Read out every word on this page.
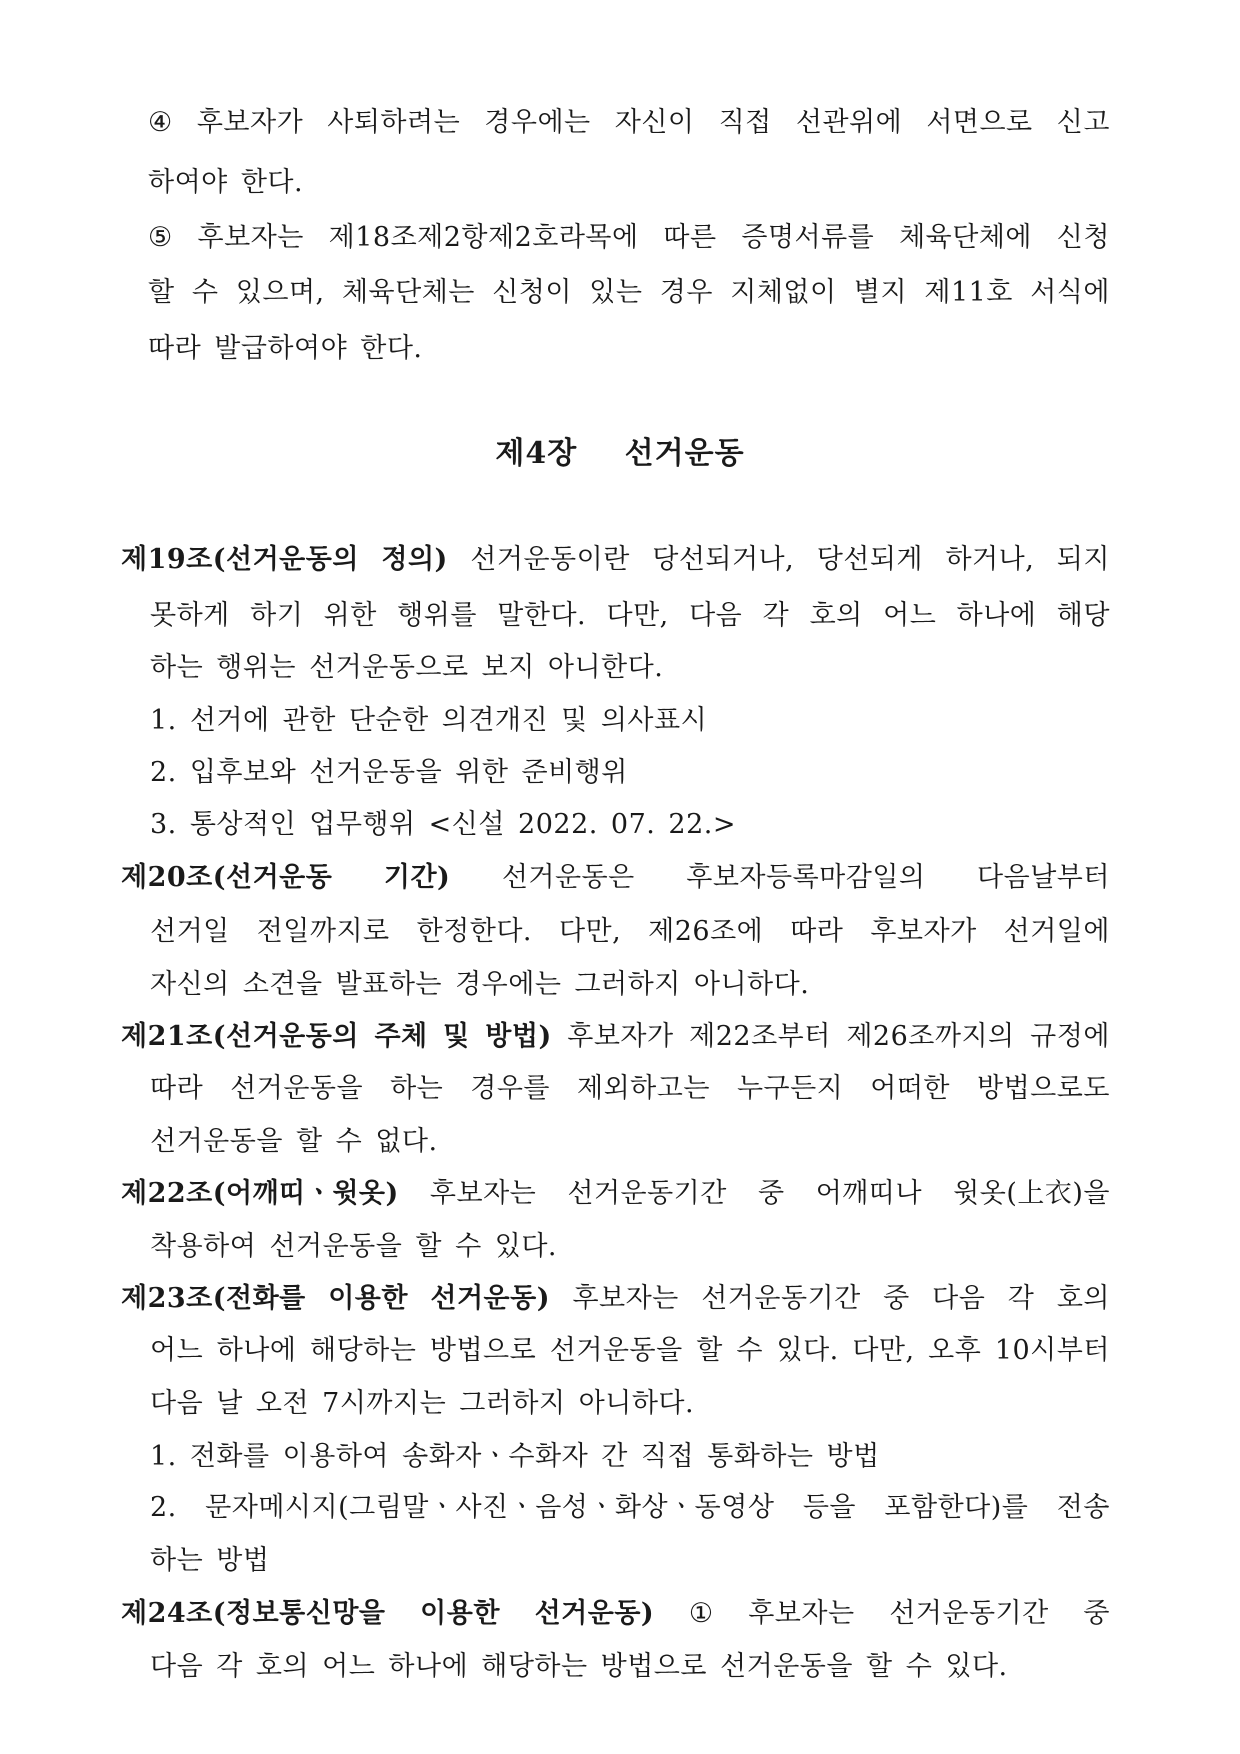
④ 후보자가 사퇴하려는 경우에는 자신이 직접 선관위에 서면으로 신고
하여야 한다.
⑤ 후보자는 제18조제2항제2호라목에 따른 증명서류를 체육단체에 신청
할 수 있으며, 체육단체는 신청이 있는 경우 지체없이 별지 제11호 서식에
따라 발급하여야 한다.
제4장 선거운동
제19조(선거운동의 정의) 선거운동이란 당선되거나, 당선되게 하거나, 되지
못하게 하기 위한 행위를 말한다. 다만, 다음 각 호의 어느 하나에 해당
하는 행위는 선거운동으로 보지 아니한다.
1. 선거에 관한 단순한 의견개진 및 의사표시
2. 입후보와 선거운동을 위한 준비행위
3. 통상적인 업무행위 <신설 2022. 07. 22.>
제20조(선거운동 기간) 선거운동은 후보자등록마감일의 다음날부터
선거일 전일까지로 한정한다. 다만, 제26조에 따라 후보자가 선거일에
자신의 소견을 발표하는 경우에는 그러하지 아니하다.
제21조(선거운동의 주체 및 방법) 후보자가 제22조부터 제26조까지의 규정에
따라 선거운동을 하는 경우를 제외하고는 누구든지 어떠한 방법으로도
선거운동을 할 수 없다.
제22조(어깨띠ㆍ윗옷) 후보자는 선거운동기간 중 어깨띠나 윗옷(上衣)을
착용하여 선거운동을 할 수 있다.
제23조(전화를 이용한 선거운동) 후보자는 선거운동기간 중 다음 각 호의
어느 하나에 해당하는 방법으로 선거운동을 할 수 있다. 다만, 오후 10시부터
다음 날 오전 7시까지는 그러하지 아니하다.
1. 전화를 이용하여 송화자ㆍ수화자 간 직접 통화하는 방법
2. 문자메시지(그림말ㆍ사진ㆍ음성ㆍ화상ㆍ동영상 등을 포함한다)를 전송
하는 방법
제24조(정보통신망을 이용한 선거운동) ① 후보자는 선거운동기간 중
다음 각 호의 어느 하나에 해당하는 방법으로 선거운동을 할 수 있다.
